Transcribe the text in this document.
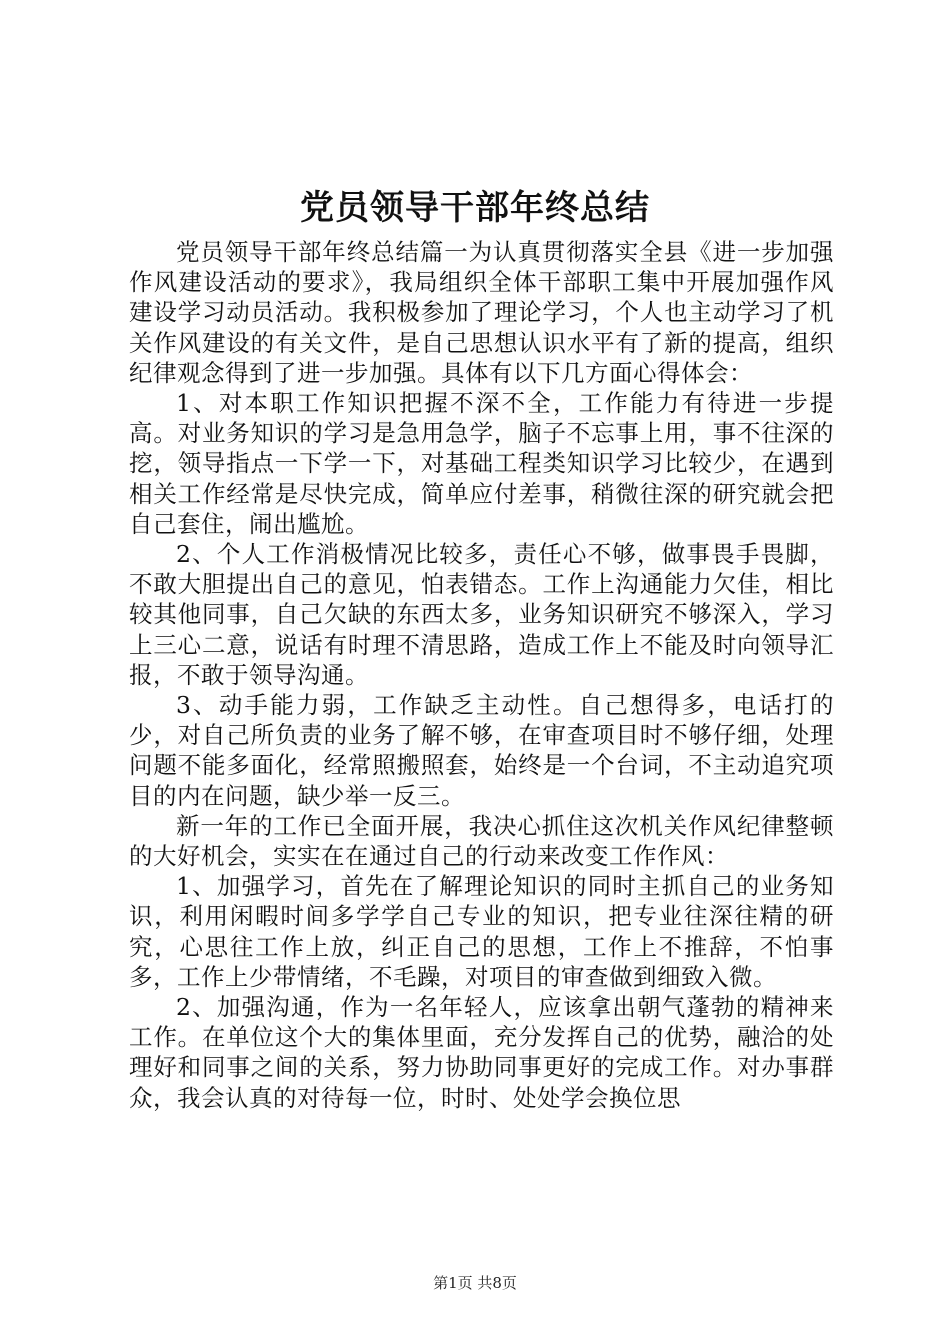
党员领导干部年终总结

党员领导干部年终总结篇一为认真贯彻落实全县《进一步加强作风建设活动的要求》，我局组织全体干部职工集中开展加强作风建设学习动员活动。我积极参加了理论学习，个人也主动学习了机关作风建设的有关文件，是自己思想认识水平有了新的提高，组织纪律观念得到了进一步加强。具体有以下几方面心得体会：

1、对本职工作知识把握不深不全，工作能力有待进一步提高。对业务知识的学习是急用急学，脑子不忘事上用，事不往深的挖，领导指点一下学一下，对基础工程类知识学习比较少，在遇到相关工作经常是尽快完成，简单应付差事，稍微往深的研究就会把自己套住，闹出尴尬。

2、个人工作消极情况比较多，责任心不够，做事畏手畏脚，不敢大胆提出自己的意见，怕表错态。工作上沟通能力欠佳，相比较其他同事，自己欠缺的东西太多，业务知识研究不够深入，学习上三心二意，说话有时理不清思路，造成工作上不能及时向领导汇报，不敢于领导沟通。

3、动手能力弱，工作缺乏主动性。自己想得多，电话打的少，对自己所负责的业务了解不够，在审查项目时不够仔细，处理问题不能多面化，经常照搬照套，始终是一个台词，不主动追究项目的内在问题，缺少举一反三。

新一年的工作已全面开展，我决心抓住这次机关作风纪律整顿的大好机会，实实在在通过自己的行动来改变工作作风：

1、加强学习，首先在了解理论知识的同时主抓自己的业务知识，利用闲暇时间多学学自己专业的知识，把专业往深往精的研究，心思往工作上放，纠正自己的思想，工作上不推辞，不怕事多，工作上少带情绪，不毛躁，对项目的审查做到细致入微。

2、加强沟通，作为一名年轻人，应该拿出朝气蓬勃的精神来工作。在单位这个大的集体里面，充分发挥自己的优势，融洽的处理好和同事之间的关系，努力协助同事更好的完成工作。对办事群众，我会认真的对待每一位，时时、处处学会换位思

第1页 共8页
